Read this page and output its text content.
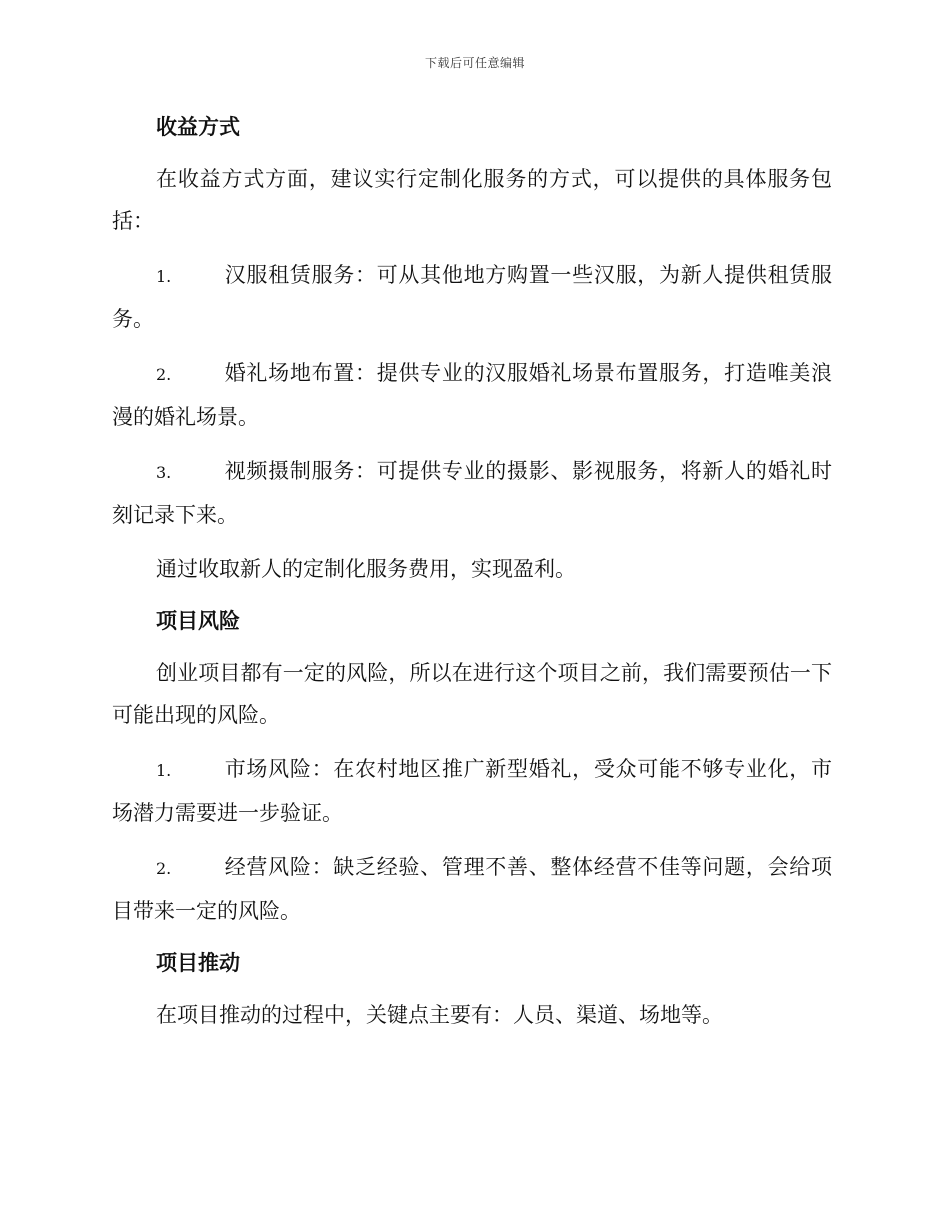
下载后可任意编辑
收益方式

在收益方式方面，建议实行定制化服务的方式，可以提供的具体服务包括：

1.	汉服租赁服务：可从其他地方购置一些汉服，为新人提供租赁服务。

2.	婚礼场地布置：提供专业的汉服婚礼场景布置服务，打造唯美浪漫的婚礼场景。

3.	视频摄制服务：可提供专业的摄影、影视服务，将新人的婚礼时刻记录下来。

通过收取新人的定制化服务费用，实现盈利。

项目风险

创业项目都有一定的风险，所以在进行这个项目之前，我们需要预估一下可能出现的风险。

1.	市场风险：在农村地区推广新型婚礼，受众可能不够专业化，市场潜力需要进一步验证。

2.	经营风险：缺乏经验、管理不善、整体经营不佳等问题，会给项目带来一定的风险。

项目推动

在项目推动的过程中，关键点主要有：人员、渠道、场地等。
